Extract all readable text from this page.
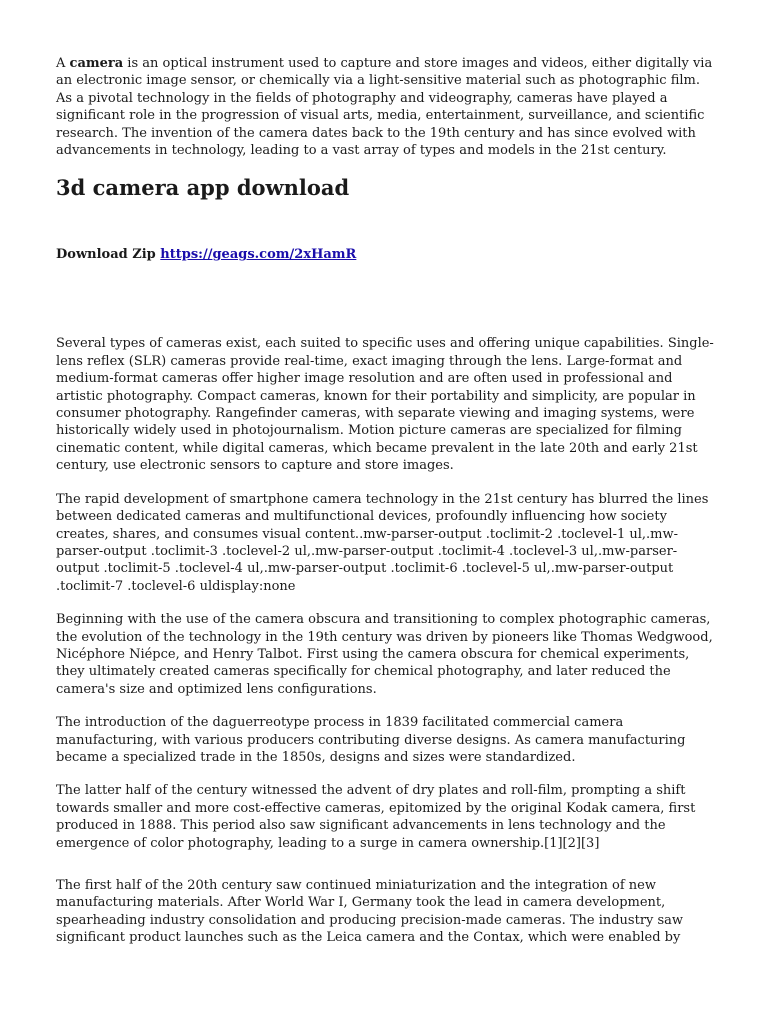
A camera is an optical instrument used to capture and store images and videos, either digitally via an electronic image sensor, or chemically via a light-sensitive material such as photographic film. As a pivotal technology in the fields of photography and videography, cameras have played a significant role in the progression of visual arts, media, entertainment, surveillance, and scientific research. The invention of the camera dates back to the 19th century and has since evolved with advancements in technology, leading to a vast array of types and models in the 21st century.

3d camera app download

Download Zip https://geags.com/2xHamR

Several types of cameras exist, each suited to specific uses and offering unique capabilities. Single-lens reflex (SLR) cameras provide real-time, exact imaging through the lens. Large-format and medium-format cameras offer higher image resolution and are often used in professional and artistic photography. Compact cameras, known for their portability and simplicity, are popular in consumer photography. Rangefinder cameras, with separate viewing and imaging systems, were historically widely used in photojournalism. Motion picture cameras are specialized for filming cinematic content, while digital cameras, which became prevalent in the late 20th and early 21st century, use electronic sensors to capture and store images.

The rapid development of smartphone camera technology in the 21st century has blurred the lines between dedicated cameras and multifunctional devices, profoundly influencing how society creates, shares, and consumes visual content..mw-parser-output .toclimit-2 .toclevel-1 ul,.mw-parser-output .toclimit-3 .toclevel-2 ul,.mw-parser-output .toclimit-4 .toclevel-3 ul,.mw-parser-output .toclimit-5 .toclevel-4 ul,.mw-parser-output .toclimit-6 .toclevel-5 ul,.mw-parser-output .toclimit-7 .toclevel-6 uldisplay:none

Beginning with the use of the camera obscura and transitioning to complex photographic cameras, the evolution of the technology in the 19th century was driven by pioneers like Thomas Wedgwood, Nicéphore Niépce, and Henry Talbot. First using the camera obscura for chemical experiments, they ultimately created cameras specifically for chemical photography, and later reduced the camera's size and optimized lens configurations.

The introduction of the daguerreotype process in 1839 facilitated commercial camera manufacturing, with various producers contributing diverse designs. As camera manufacturing became a specialized trade in the 1850s, designs and sizes were standardized.

The latter half of the century witnessed the advent of dry plates and roll-film, prompting a shift towards smaller and more cost-effective cameras, epitomized by the original Kodak camera, first produced in 1888. This period also saw significant advancements in lens technology and the emergence of color photography, leading to a surge in camera ownership.[1][2][3]

The first half of the 20th century saw continued miniaturization and the integration of new manufacturing materials. After World War I, Germany took the lead in camera development, spearheading industry consolidation and producing precision-made cameras. The industry saw significant product launches such as the Leica camera and the Contax, which were enabled by
